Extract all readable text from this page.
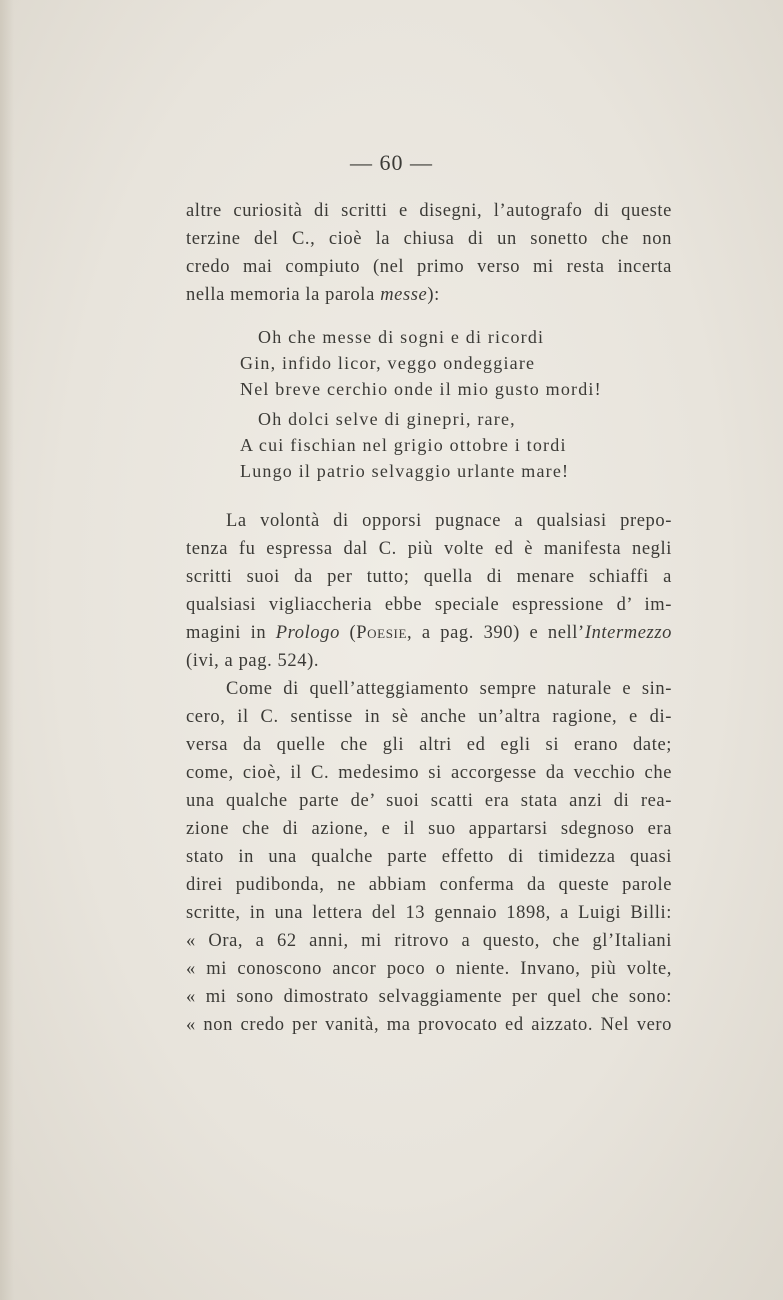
— 60 —
altre curiosità di scritti e disegni, l’autografo di queste
terzine del C., cioè la chiusa di un sonetto che non
credo mai compiuto (nel primo verso mi resta incerta
nella memoria la parola messe):
Oh che messe di sogni e di ricordi
Gin, infido licor, veggo ondeggiare
Nel breve cerchio onde il mio gusto mordi!
Oh dolci selve di ginepri, rare,
A cui fischian nel grigio ottobre i tordi
Lungo il patrio selvaggio urlante mare!
La volontà di opporsi pugnace a qualsiasi prepo-
tenza fu espressa dal C. più volte ed è manifesta negli
scritti suoi da per tutto; quella di menare schiaffi a
qualsiasi vigliaccheria ebbe speciale espressione d’ im-
magini in Prologo (Poesie, a pag. 390) e nell’Intermezzo
(ivi, a pag. 524).
Come di quell’atteggiamento sempre naturale e sin-
cero, il C. sentisse in sè anche un’altra ragione, e di-
versa da quelle che gli altri ed egli si erano date;
come, cioè, il C. medesimo si accorgesse da vecchio che
una qualche parte de’ suoi scatti era stata anzi di rea-
zione che di azione, e il suo appartarsi sdegnoso era
stato in una qualche parte effetto di timidezza quasi
direi pudibonda, ne abbiam conferma da queste parole
scritte, in una lettera del 13 gennaio 1898, a Luigi Billi:
« Ora, a 62 anni, mi ritrovo a questo, che gl’Italiani
« mi conoscono ancor poco o niente. Invano, più volte,
« mi sono dimostrato selvaggiamente per quel che sono:
« non credo per vanità, ma provocato ed aizzato. Nel vero
